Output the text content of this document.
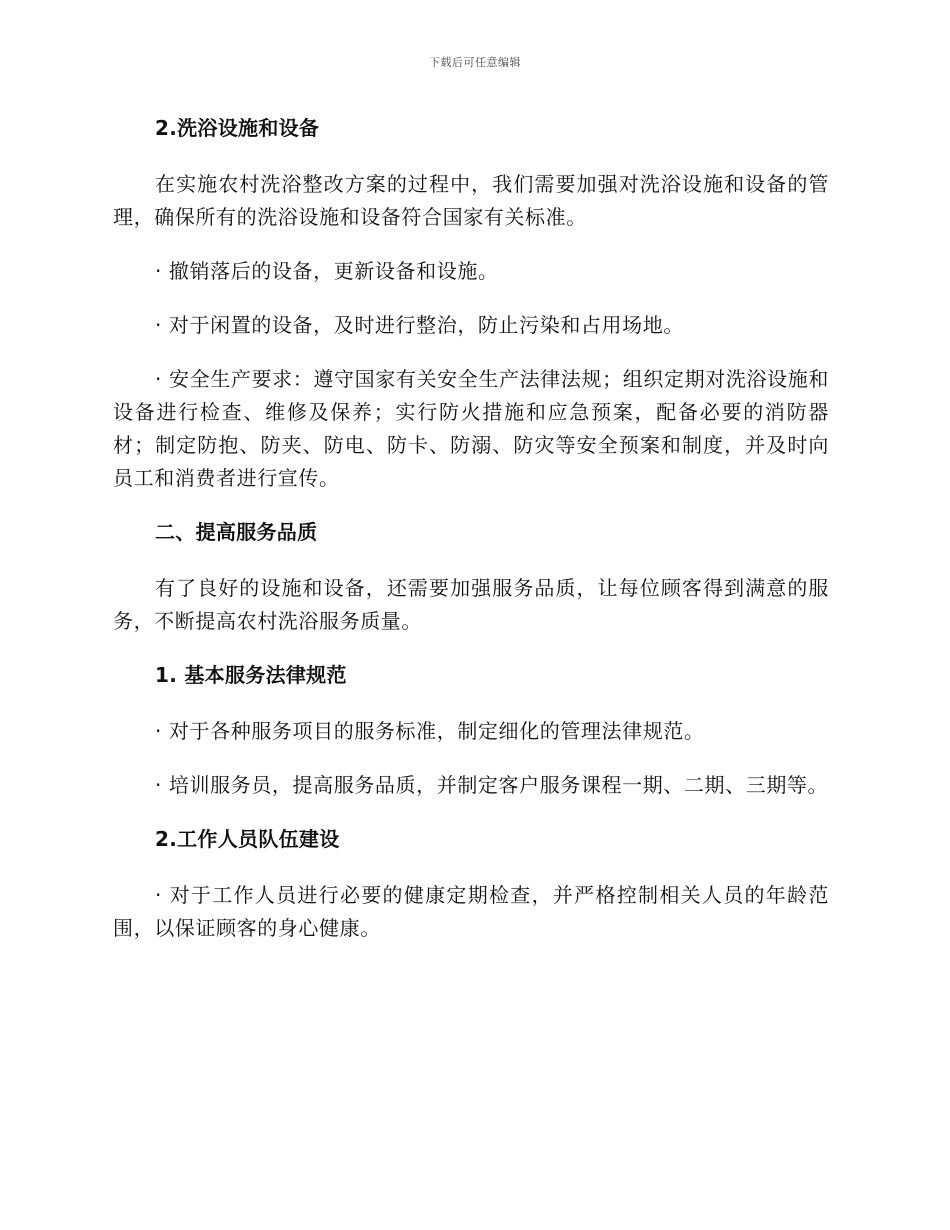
下载后可任意编辑
2.洗浴设施和设备

在实施农村洗浴整改方案的过程中，我们需要加强对洗浴设施和设备的管理，确保所有的洗浴设施和设备符合国家有关标准。

· 撤销落后的设备，更新设备和设施。

· 对于闲置的设备，及时进行整治，防止污染和占用场地。

· 安全生产要求：遵守国家有关安全生产法律法规；组织定期对洗浴设施和设备进行检查、维修及保养；实行防火措施和应急预案，配备必要的消防器材；制定防抱、防夹、防电、防卡、防溺、防灾等安全预案和制度，并及时向员工和消费者进行宣传。

二、提高服务品质

有了良好的设施和设备，还需要加强服务品质，让每位顾客得到满意的服务，不断提高农村洗浴服务质量。

1. 基本服务法律规范

· 对于各种服务项目的服务标准，制定细化的管理法律规范。

· 培训服务员，提高服务品质，并制定客户服务课程一期、二期、三期等。

2.工作人员队伍建设

· 对于工作人员进行必要的健康定期检查，并严格控制相关人员的年龄范围，以保证顾客的身心健康。
